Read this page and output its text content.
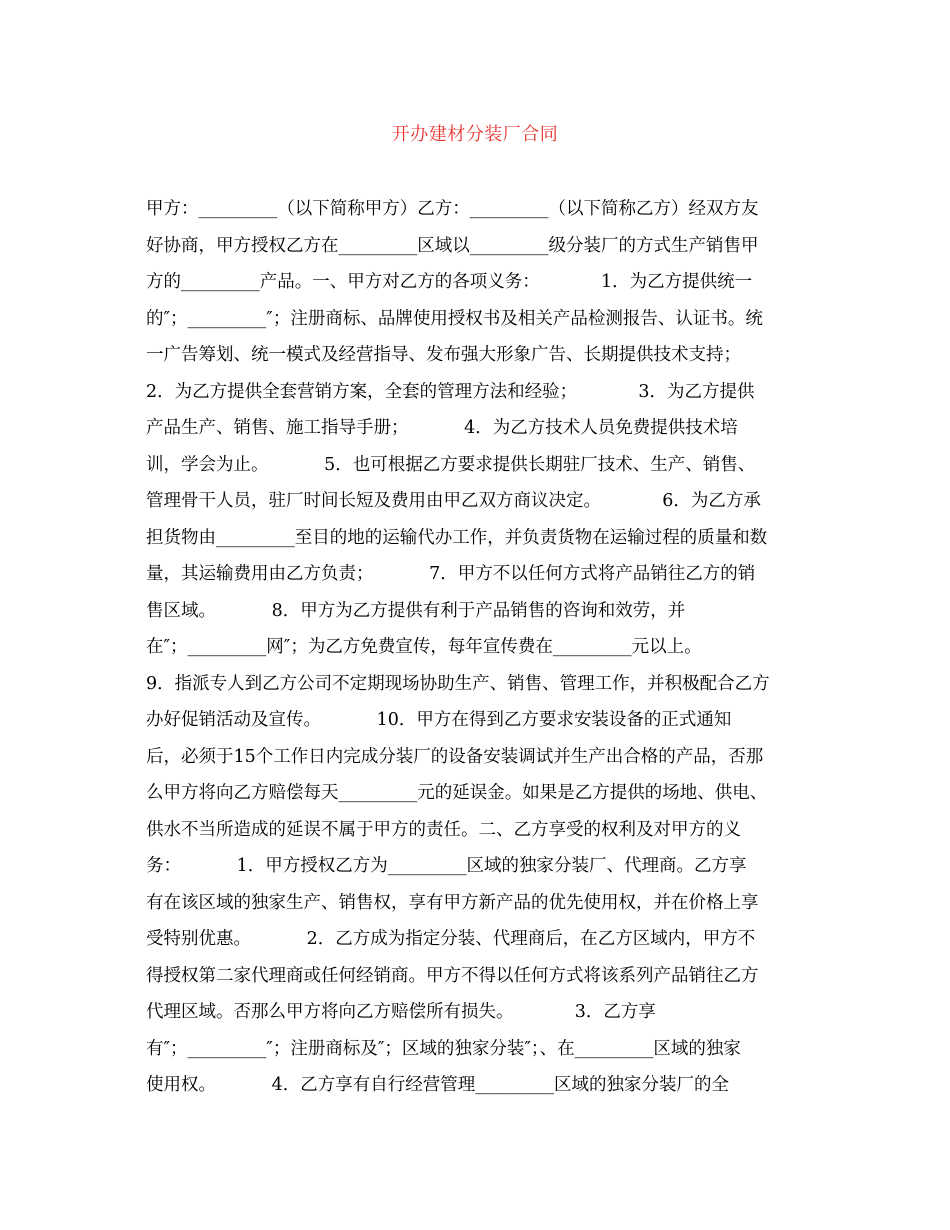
开办建材分装厂合同
甲方：_________（以下简称甲方）乙方：_________（以下简称乙方）经双方友
好协商，甲方授权乙方在_________区域以_________级分装厂的方式生产销售甲
方的_________产品。一、甲方对乙方的各项义务：           1．为乙方提供统一
的″；_________″；注册商标、品牌使用授权书及相关产品检测报告、认证书。统
一广告筹划、统一模式及经营指导、发布强大形象广告、长期提供技术支持；
2．为乙方提供全套营销方案，全套的管理方法和经验；           3．为乙方提供
产品生产、销售、施工指导手册；          4．为乙方技术人员免费提供技术培
训，学会为止。          5．也可根据乙方要求提供长期驻厂技术、生产、销售、
管理骨干人员，驻厂时间长短及费用由甲乙双方商议决定。           6．为乙方承
担货物由_________至目的地的运输代办工作，并负责货物在运输过程的质量和数
量，其运输费用由乙方负责；          7．甲方不以任何方式将产品销往乙方的销
售区域。          8．甲方为乙方提供有利于产品销售的咨询和效劳，并
在″；_________网″；为乙方免费宣传，每年宣传费在_________元以上。
9．指派专人到乙方公司不定期现场协助生产、销售、管理工作，并积极配合乙方
办好促销活动及宣传。          10．甲方在得到乙方要求安装设备的正式通知
后，必须于15个工作日内完成分装厂的设备安装调试并生产出合格的产品，否那
么甲方将向乙方赔偿每天_________元的延误金。如果是乙方提供的场地、供电、
供水不当所造成的延误不属于甲方的责任。二、乙方享受的权利及对甲方的义
务：          1．甲方授权乙方为_________区域的独家分装厂、代理商。乙方享
有在该区域的独家生产、销售权，享有甲方新产品的优先使用权，并在价格上享
受特别优惠。          2．乙方成为指定分装、代理商后，在乙方区域内，甲方不
得授权第二家代理商或任何经销商。甲方不得以任何方式将该系列产品销往乙方
代理区域。否那么甲方将向乙方赔偿所有损失。           3．乙方享
有″；_________″；注册商标及″；区域的独家分装″；、在_________区域的独家
使用权。          4．乙方享有自行经营管理_________区域的独家分装厂的全
